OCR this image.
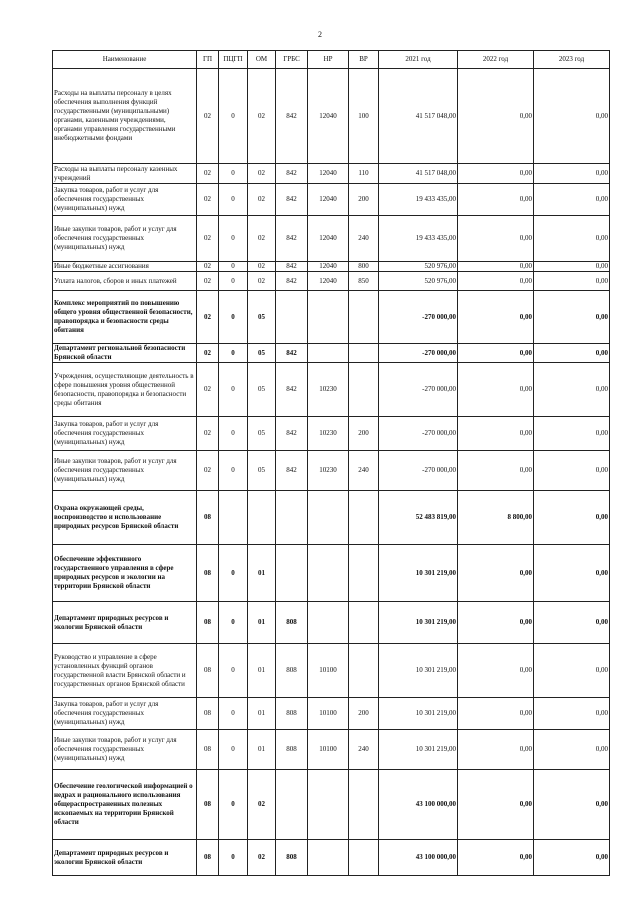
2
Наименование	ГП	ПЦГП	ОМ	ГРБС	НР	ВР	2021 год	2022 год	2023 год
Расходы на выплаты персоналу в целях обеспечения выполнения функций государственными (муниципальными) органами, казенными учреждениями, органами управления государственными внебюджетными фондами	02	0	02	842	12040	100	41 517 048,00	0,00	0,00
Расходы на выплаты персоналу казенных учреждений	02	0	02	842	12040	110	41 517 048,00	0,00	0,00
Закупка товаров, работ и услуг для обеспечения государственных (муниципальных) нужд	02	0	02	842	12040	200	19 433 435,00	0,00	0,00
Иные закупки товаров, работ и услуг для обеспечения государственных (муниципальных) нужд	02	0	02	842	12040	240	19 433 435,00	0,00	0,00
Иные бюджетные ассигнования	02	0	02	842	12040	800	520 976,00	0,00	0,00
Уплата налогов, сборов и иных платежей	02	0	02	842	12040	850	520 976,00	0,00	0,00
Комплекс мероприятий по повышению общего уровня общественной безопасности, правопорядка и безопасности среды обитания	02	0	05				-270 000,00	0,00	0,00
Департамент региональной безопасности Брянской области	02	0	05	842			-270 000,00	0,00	0,00
Учреждения, осуществляющие деятельность в сфере повышения уровня общественной безопасности, правопорядка и безопасности среды обитания	02	0	05	842	10230		-270 000,00	0,00	0,00
Закупка товаров, работ и услуг для обеспечения государственных (муниципальных) нужд	02	0	05	842	10230	200	-270 000,00	0,00	0,00
Иные закупки товаров, работ и услуг для обеспечения государственных (муниципальных) нужд	02	0	05	842	10230	240	-270 000,00	0,00	0,00
Охрана окружающей среды, воспроизводство и использование природных ресурсов Брянской области	08						52 483 819,00	8 800,00	0,00
Обеспечение эффективного государственного управления в сфере природных ресурсов и экологии на территории Брянской области	08	0	01				10 301 219,00	0,00	0,00
Департамент природных ресурсов и экологии Брянской области	08	0	01	808			10 301 219,00	0,00	0,00
Руководство и управление в сфере установленных функций органов государственной власти Брянской области и государственных органов Брянской области	08	0	01	808	10100		10 301 219,00	0,00	0,00
Закупка товаров, работ и услуг для обеспечения государственных (муниципальных) нужд	08	0	01	808	10100	200	10 301 219,00	0,00	0,00
Иные закупки товаров, работ и услуг для обеспечения государственных (муниципальных) нужд	08	0	01	808	10100	240	10 301 219,00	0,00	0,00
Обеспечение геологической информацией о недрах и рационального использования общераспространенных полезных ископаемых на территории Брянской области	08	0	02				43 100 000,00	0,00	0,00
Департамент природных ресурсов и экологии Брянской области	08	0	02	808			43 100 000,00	0,00	0,00
